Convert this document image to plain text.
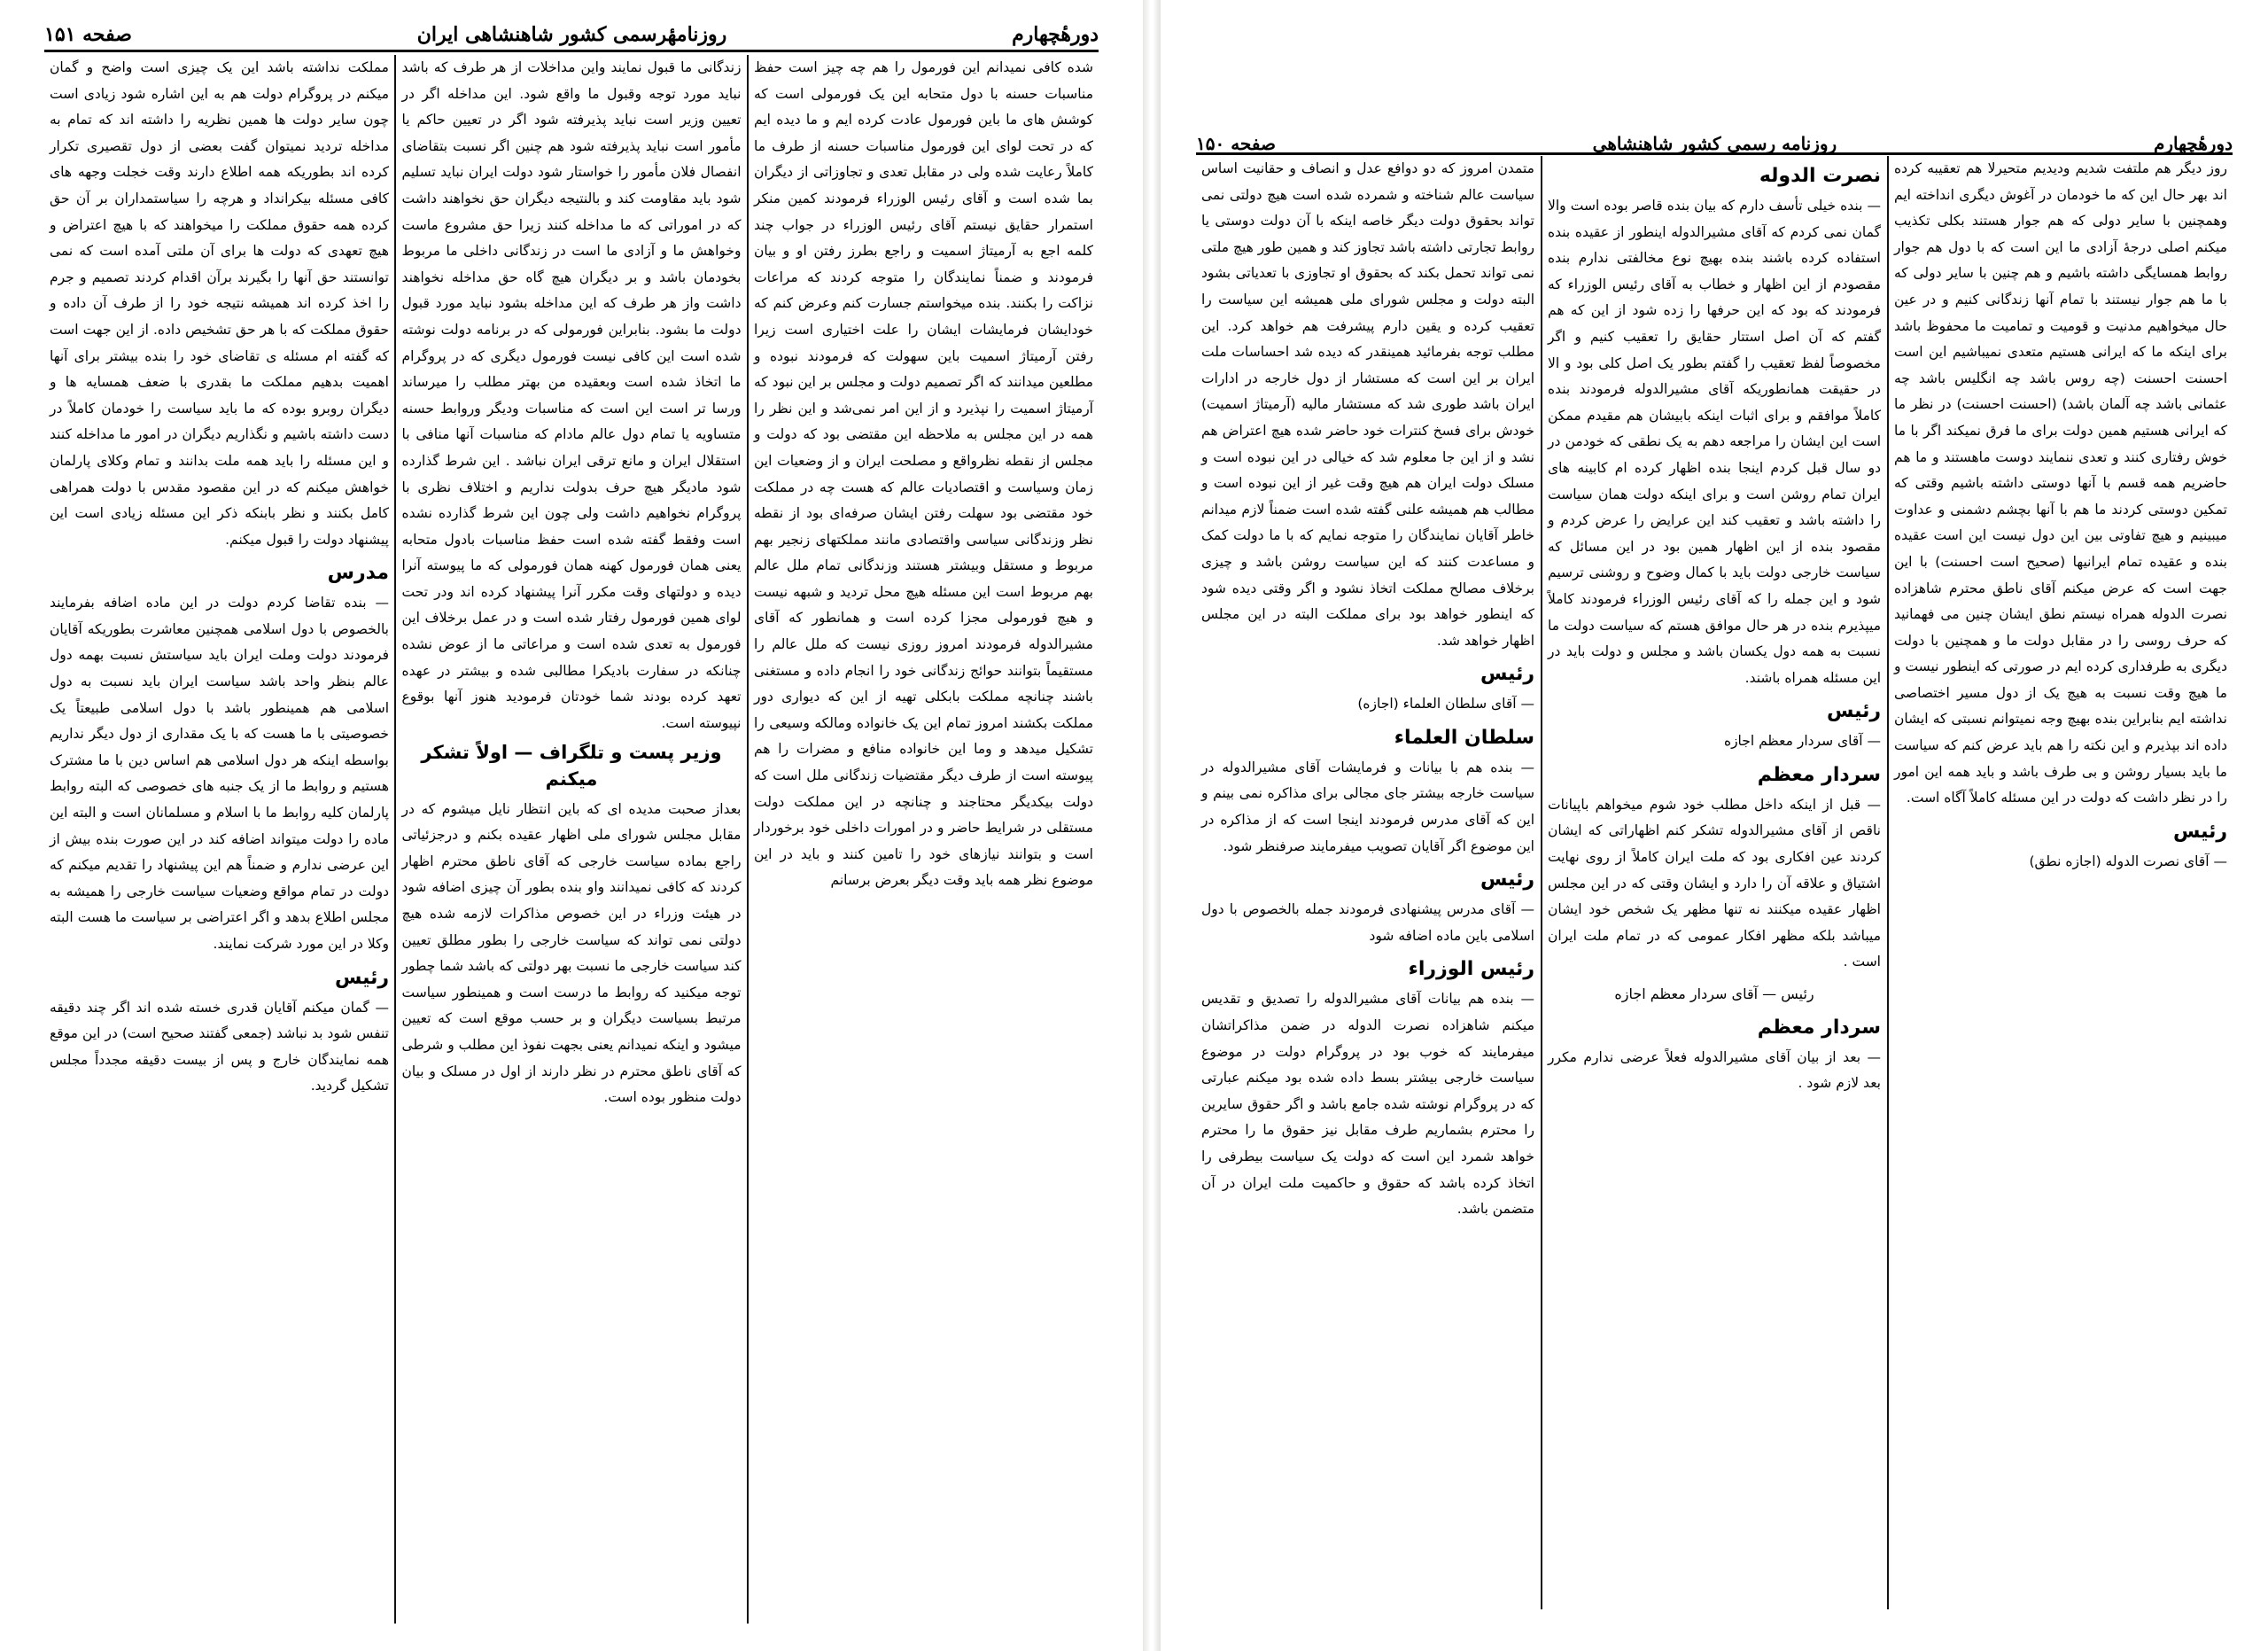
صفحه ۱۵۱	روزنامهٔرسمی کشور شاهنشاهی ایران	دورهٔچهارم

شده کافی نمیدانم این فورمول را هم چه چیز است حفظ مناسبات حسنه با دول متحابه این یک فورمولی است که کوشش های ما باین فورمول عادت کرده ایم و ما دیده ایم که در تحت لوای این فورمول مناسبات حسنه از طرف ما کاملاً رعایت شده ولی در مقابل تعدی و تجاوزاتی از دیگران بما شده است و آقای رئیس الوزراء فرمودند کمین منکر استمرار حقایق نیستم آقای رئیس الوزراء در جواب چند کلمه اجع به آرمیتاژ اسمیت و راجع بطرز رفتن او و بیان فرمودند و ضمناً نمایندگان را متوجه کردند که مراعات نزاکت را بکنند. بنده میخواستم جسارت کنم وعرض کنم که خودایشان فرمایشات ایشان را علت اختیاری است زیرا رفتن آرمیتاژ اسمیت باین سهولت که فرمودند نبوده و مطلعین میدانند که اگر تصمیم دولت و مجلس بر این نبود که آرمیتاژ اسمیت را نپذیرد و از این امر نمی‌شد و این نظر را همه در این مجلس به ملاحظه این مقتضی بود که دولت و مجلس از نقطه نظرواقع و مصلحت ایران و از وضعیات این زمان وسیاست و اقتصادیات عالم که هست چه در مملکت خود مقتضی بود سهلت رفتن ایشان صرفه‌ای بود از نقطه نظر وزندگانی سیاسی واقتصادی مانند مملکتهای زنجیر بهم مربوط و مستقل وبیشتر هستند وزندگانی تمام ملل عالم بهم مربوط است این مسئله هیچ محل تردید و شبهه نیست و هیچ فورمولی مجزا کرده است و همانطور که آقای مشیرالدوله فرمودند امروز روزی نیست که ملل عالم را مستقیماً بتوانند حوائج زندگانی خود را انجام داده و مستغنی باشند چنانچه مملکت بابکلی تهیه از این که دیواری دور مملکت بکشند امروز تمام این یک خانواده ومالکه وسیعی را تشکیل میدهد و وما این خانواده منافع و مضرات را هم پیوسته است از طرف دیگر مقتضیات زندگانی ملل است که دولت بیکدیگر محتاجند و چنانچه در این مملکت دولت مستقلی در شرایط حاضر و در امورات داخلی خود برخوردار است و بتوانند نیازهای خود را تامین کنند و باید در این موضوع نظر همه باید وقت دیگر بعرض برسانم

زندگانی ما قبول نمایند واین مداخلات از هر طرف که باشد نباید مورد توجه وقبول ما واقع شود. این مداخله اگر در تعیین وزیر است نباید پذیرفته شود اگر در تعیین حاکم یا مأمور است نباید پذیرفته شود هم چنین اگر نسبت بتقاضای انفصال فلان مأمور را خواستار شود دولت ایران نباید تسلیم شود باید مقاومت کند و بالنتیجه دیگران حق نخواهند داشت که در اموراتی که ما مداخله کنند زیرا حق مشروع ماست وخواهش ما و آزادی ما است در زندگانی داخلی ما مربوط بخودمان باشد و بر دیگران هیچ گاه حق مداخله نخواهند داشت واز هر طرف که این مداخله بشود نباید مورد قبول دولت ما بشود. بنابراین فورمولی که در برنامه دولت نوشته شده است این کافی نیست فورمول دیگری که در پروگرام ما اتخاذ شده است وبعقیده من بهتر مطلب را میرساند ورسا تر است این است که مناسبات ودیگر وروابط حسنه متساویه یا تمام دول عالم مادام که مناسبات آنها منافی با استقلال ایران و مانع ترقی ایران نباشد . این شرط گذارده شود مادیگر هیچ حرف بدولت نداریم و اختلاف نظری با پروگرام نخواهیم داشت ولی چون این شرط گذارده نشده است وفقط گفته شده است حفظ مناسبات بادول متحابه یعنی همان فورمول کهنه همان فورمولی که ما پیوسته آنرا دیده و دولتهای وقت مکرر آنرا پیشنهاد کرده اند ودر تحت لوای همین فورمول رفتار شده است و در عمل برخلاف این فورمول به تعدی شده است و مراعاتی ما از عوض نشده چنانکه در سفارت بادیکرا مطالبی شده و بیشتر در عهده تعهد کرده بودند شما خودتان فرمودید هنوز آنها بوقوع نپیوسته است.

وزیر پست و تلگراف — اولاً تشکر میکنم

بعداز صحبت مدیده ای که باین انتظار نایل میشوم که در مقابل مجلس شورای ملی اظهار عقیده بکنم و درجزئیاتی راجع بماده سیاست خارجی که آقای ناطق محترم اظهار کردند که کافی نمیدانند واو بنده بطور آن چیزی اضافه شود در هیئت وزراء در این خصوص مذاکرات لازمه شده هیچ دولتی نمی تواند که سیاست خارجی را بطور مطلق تعیین کند سیاست خارجی ما نسبت بهر دولتی که باشد شما چطور توجه میکنید که روابط ما درست است و همینطور سیاست مرتبط بسیاست دیگران و بر حسب موقع است که تعیین میشود و اینکه نمیدانم یعنی بجهت نفوذ این مطلب و شرطی که آقای ناطق محترم در نظر دارند از اول در مسلک و بیان دولت منظور بوده است.

مملکت نداشته باشد این یک چیزی است واضح و گمان میکنم در پروگرام دولت هم به این اشاره شود زیادی است چون سایر دولت ها همین نظریه را داشته اند که تمام به مداخله تردید نمیتوان گفت بعضی از دول تقصیری تکرار کرده اند بطوریکه همه اطلاع دارند وقت خجلت وجهه های کافی مسئله بیکرانداد و هرچه را سیاستمداران بر آن حق کرده همه حقوق مملکت را میخواهند که با هیچ اعتراض و هیچ تعهدی که دولت ها برای آن ملتی آمده است که نمی توانستند حق آنها را بگیرند برآن اقدام کردند تصمیم و جرم را اخذ کرده اند همیشه نتیجه خود را از طرف آن داده و حقوق مملکت که با هر حق تشخیص داده. از این جهت است که گفته ام مسئله ی تقاضای خود را بنده بیشتر برای آنها اهمیت بدهیم مملکت ما بقدری با ضعف همسایه ها و دیگران روبرو بوده که ما باید سیاست را خودمان کاملاً در دست داشته باشیم و نگذاریم دیگران در امور ما مداخله کنند و این مسئله را باید همه ملت بدانند و تمام وکلای پارلمان خواهش میکنم که در این مقصود مقدس با دولت همراهی کامل بکنند و نظر بابنکه ذکر این مسئله زیادی است این پیشنهاد دولت را قبول میکنم.

مدرس

— بنده تقاضا کردم دولت در این ماده اضافه بفرمایند بالخصوص با دول اسلامی همچنین معاشرت بطوریکه آقایان فرمودند دولت وملت ایران باید سیاستش نسبت بهمه دول عالم بنظر واحد باشد سیاست ایران باید نسبت به دول اسلامی هم همینطور باشد با دول اسلامی طبیعتاً یک خصوصیتی با ما هست که با یک مقداری از دول دیگر نداریم بواسطه اینکه هر دول اسلامی هم اساس دین با ما مشترک هستیم و روابط ما از یک جنبه های خصوصی که البته روابط پارلمان کلیه روابط ما با اسلام و مسلمانان است و البته این ماده را دولت میتواند اضافه کند در این صورت بنده بیش از این عرضی ندارم و ضمناً هم این پیشنهاد را تقدیم میکنم که دولت در تمام مواقع وضعیات سیاست خارجی را همیشه به مجلس اطلاع بدهد و اگر اعتراضی بر سیاست ما هست البته وکلا در این مورد شرکت نمایند.

رئیس

— گمان میکنم آقایان قدری خسته شده اند اگر چند دقیقه تنفس شود بد نباشد (جمعی گفتند صحیح است) در این موقع همه نمایندگان خارج و پس از بیست دقیقه مجدداً مجلس تشکیل گردید.

صفحه ۱۵۰	روزنامه رسمی کشور شاهنشاهی	دورهٔچهارم

روز دیگر هم ملتفت شدیم ودیدیم متحیرلا هم تعقیبه کرده اند بهر حال این که ما خودمان در آغوش دیگری انداخته ایم وهمچنین با سایر دولی که هم جوار هستند بکلی تکذیب میکنم اصلی درجهٔ آزادی ما این است که با دول هم جوار روابط همسایگی داشته باشیم و هم چنین با سایر دولی که با ما هم جوار نیستند با تمام آنها زندگانی کنیم و در عین حال میخواهیم مدنیت و قومیت و تمامیت ما محفوظ باشد برای اینکه ما که ایرانی هستیم متعدی نمیباشیم این است احسنت احسنت (چه روس باشد چه انگلیس باشد چه عثمانی باشد چه آلمان باشد) (احسنت احسنت) در نظر ما که ایرانی هستیم همین دولت برای ما فرق نمیکند اگر با ما خوش رفتاری کنند و تعدی ننمایند دوست ماهستند و ما هم حاضریم همه قسم با آنها دوستی داشته باشیم وقتی که تمکین دوستی کردند ما هم با آنها بچشم دشمنی و عداوت میبینیم و هیچ تفاوتی بین این دول نیست این است عقیده بنده و عقیده تمام ایرانیها (صحیح است احسنت) با این جهت است که عرض میکنم آقای ناطق محترم شاهزاده نصرت الدوله همراه نیستم نطق ایشان چنین می فهمانید که حرف روسی را در مقابل دولت ما و همچنین با دولت دیگری به طرفداری کرده ایم در صورتی که اینطور نیست و ما هیچ وقت نسبت به هیچ یک از دول مسیر اختصاصی نداشته ایم بنابراین بنده بهیچ وجه نمیتوانم نسبتی که ایشان داده اند بپذیرم و این نکته را هم باید عرض کنم که سیاست ما باید بسیار روشن و بی طرف باشد و باید همه این امور را در نظر داشت که دولت در این مسئله کاملاً آگاه است.

رئیس

— آقای نصرت الدوله (اجازه نطق)

نصرت الدوله

— بنده خیلی تأسف دارم که بیان بنده قاصر بوده است والا گمان نمی کردم که آقای مشیرالدوله اینطور از عقیده بنده استفاده کرده باشند بنده بهیچ نوع مخالفتی ندارم بنده مقصودم از این اظهار و خطاب به آقای رئیس الوزراء که فرمودند که بود که این حرفها را زده شود از این که هم گفتم که آن اصل استتار حقایق را تعقیب کنیم و اگر مخصوصاً لفظ تعقیب را گفتم بطور یک اصل کلی بود و الا در حقیقت همانطوریکه آقای مشیرالدوله فرمودند بنده کاملاً موافقم و برای اثبات اینکه بابیشان هم مقیدم ممکن است این ایشان را مراجعه دهم به یک نطقی که خودمن در دو سال قبل کردم اینجا بنده اظهار کرده ام کابینه های ایران تمام روشن است و برای اینکه دولت همان سیاست را داشته باشد و تعقیب کند این عرایض را عرض کردم و مقصود بنده از این اظهار همین بود در این مسائل که سیاست خارجی دولت باید با کمال وضوح و روشنی ترسیم شود و این جمله را که آقای رئیس الوزراء فرمودند کاملاً میپذیرم بنده در هر حال موافق هستم که سیاست دولت ما نسبت به همه دول یکسان باشد و مجلس و دولت باید در این مسئله همراه باشند.

رئیس

— آقای سردار معظم اجازه

سردار معظم

— قبل از اینکه داخل مطلب خود شوم میخواهم باپیانات ناقص از آقای مشیرالدوله تشکر کنم اظهاراتی که ایشان کردند عین افکاری بود که ملت ایران کاملاً از روی نهایت اشتیاق و علاقه آن را دارد و ایشان وقتی که در این مجلس اظهار عقیده میکنند نه تنها مظهر یک شخص خود ایشان میباشد بلکه مظهر افکار عمومی که در تمام ملت ایران است .

رئیس — آقای سردار معظم اجازه

سردار معظم

— بعد از بیان آقای مشیرالدوله فعلاً عرضی ندارم مکرر بعد لازم شود .

متمدن امروز که دو دوافع عدل و انصاف و حقانیت اساس سیاست عالم شناخته و شمرده شده است هیچ دولتی نمی تواند بحقوق دولت دیگر خاصه اینکه با آن دولت دوستی یا روابط تجارتی داشته باشد تجاوز کند و همین طور هیچ ملتی نمی تواند تحمل بکند که بحقوق او تجاوزی با تعدیاتی بشود البته دولت و مجلس شورای ملی همیشه این سیاست را تعقیب کرده و یقین دارم پیشرفت هم خواهد کرد. این مطلب توجه بفرمائید همینقدر که دیده شد احساسات ملت ایران بر این است که مستشار از دول خارجه در ادارات ایران باشد طوری شد که مستشار مالیه (آرمیتاژ اسمیت) خودش برای فسخ کنترات خود حاضر شده هیچ اعتراض هم نشد و از این جا معلوم شد که خیالی در این نبوده است و مسلک دولت ایران هم هیچ وقت غیر از این نبوده است و مطالب هم همیشه علنی گفته شده است ضمناً لازم میدانم خاطر آقایان نمایندگان را متوجه نمایم که با ما دولت کمک و مساعدت کنند که این سیاست روشن باشد و چیزی برخلاف مصالح مملکت اتخاذ نشود و اگر وقتی دیده شود که اینطور خواهد بود برای مملکت البته در این مجلس اظهار خواهد شد.

رئیس

— آقای سلطان العلماء (اجازه)

سلطان العلماء

— بنده هم با بیانات و فرمایشات آقای مشیرالدوله در سیاست خارجه بیشتر جای مجالی برای مذاکره نمی بینم و این که آقای مدرس فرمودند اینجا است که از مذاکره در این موضوع اگر آقایان تصویب میفرمایند صرفنظر شود.

رئیس

— آقای مدرس پیشنهادی فرمودند جمله بالخصوص با دول اسلامی باین ماده اضافه شود

رئیس الوزراء

— بنده هم بیانات آقای مشیرالدوله را تصدیق و تقدیس میکنم شاهزاده نصرت الدوله در ضمن مذاکراتشان میفرمایند که خوب بود در پروگرام دولت در موضوع سیاست خارجی بیشتر بسط داده شده بود میکنم عبارتی که در پروگرام نوشته شده جامع باشد و اگر حقوق سایرین را محترم بشماریم طرف مقابل نیز حقوق ما را محترم خواهد شمرد این است که دولت یک سیاست بیطرفی را اتخاذ کرده باشد که حقوق و حاکمیت ملت ایران در آن متضمن باشد.
